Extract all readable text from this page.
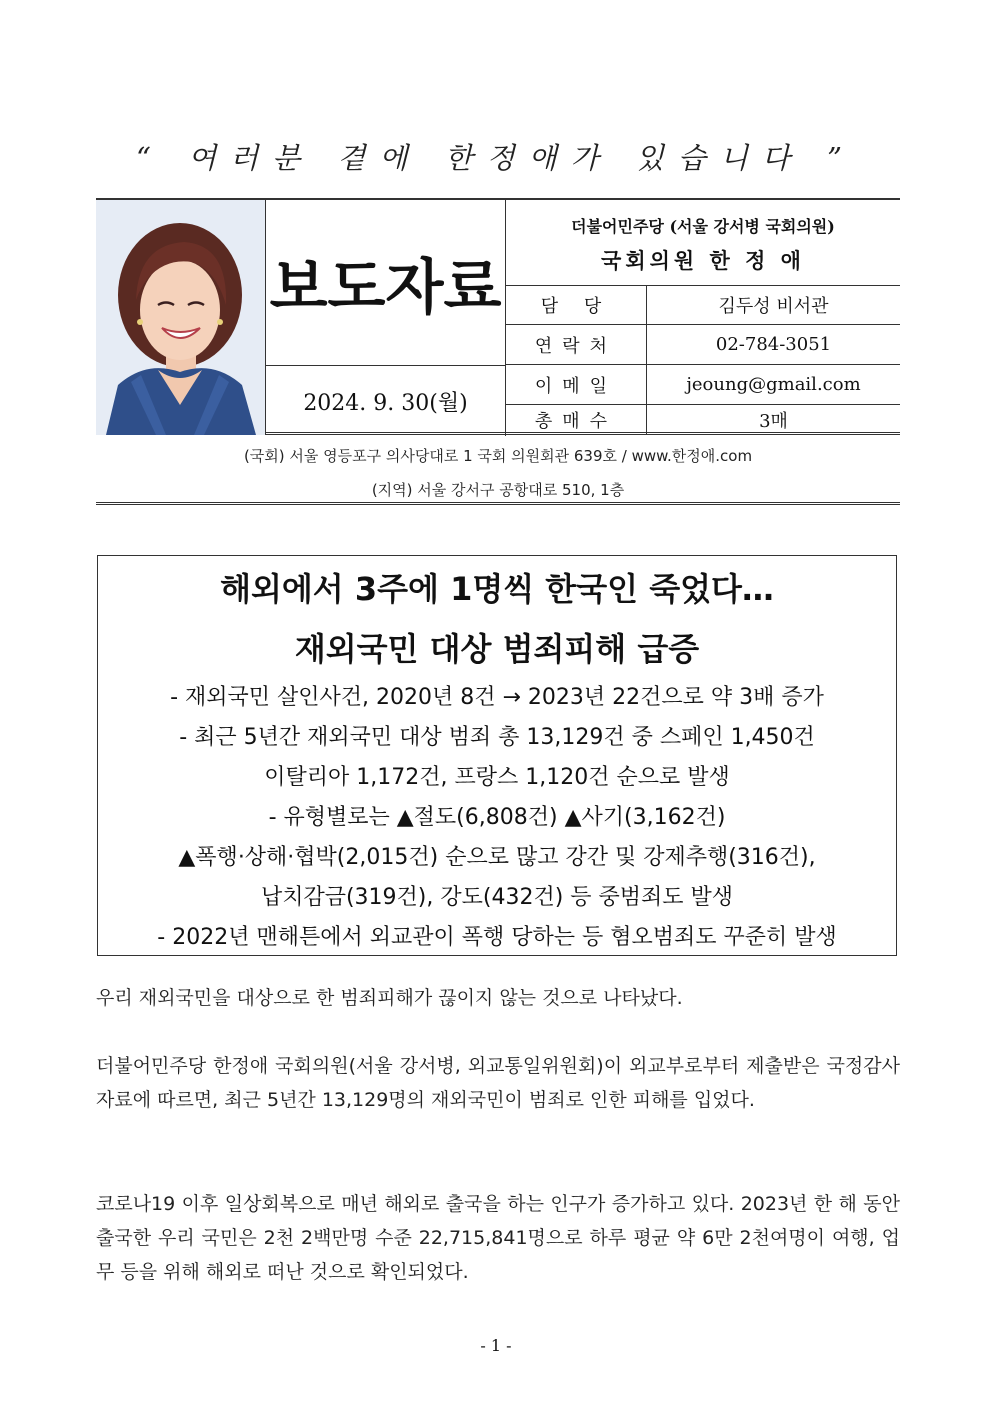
“ 여러분 곁에 한정애가 있습니다 ”
보도자료
2024. 9. 30(월)
더불어민주당 (서울 강서병 국회의원)
국회의원 한 정 애
담 당	김두성 비서관
연락처	02-784-3051
이메일	jeoung@gmail.com
총매수	3매
(국회) 서울 영등포구 의사당대로 1 국회 의원회관 639호 / www.한정애.com
(지역) 서울 강서구 공항대로 510, 1층
해외에서 3주에 1명씩 한국인 죽었다…
재외국민 대상 범죄피해 급증
- 재외국민 살인사건, 2020년 8건 → 2023년 22건으로 약 3배 증가
- 최근 5년간 재외국민 대상 범죄 총 13,129건 중 스페인 1,450건
이탈리아 1,172건, 프랑스 1,120건 순으로 발생
- 유형별로는 ▲절도(6,808건) ▲사기(3,162건)
▲폭행·상해·협박(2,015건) 순으로 많고 강간 및 강제추행(316건),
납치감금(319건), 강도(432건) 등 중범죄도 발생
- 2022년 맨해튼에서 외교관이 폭행 당하는 등 혐오범죄도 꾸준히 발생
우리 재외국민을 대상으로 한 범죄피해가 끊이지 않는 것으로 나타났다.
더불어민주당 한정애 국회의원(서울 강서병, 외교통일위원회)이 외교부로부터 제출받은 국정감사 자료에 따르면, 최근 5년간 13,129명의 재외국민이 범죄로 인한 피해를 입었다.
코로나19 이후 일상회복으로 매년 해외로 출국을 하는 인구가 증가하고 있다. 2023년 한 해 동안 출국한 우리 국민은 2천 2백만명 수준 22,715,841명으로 하루 평균 약 6만 2천여명이 여행, 업무 등을 위해 해외로 떠난 것으로 확인되었다.
- 1 -
